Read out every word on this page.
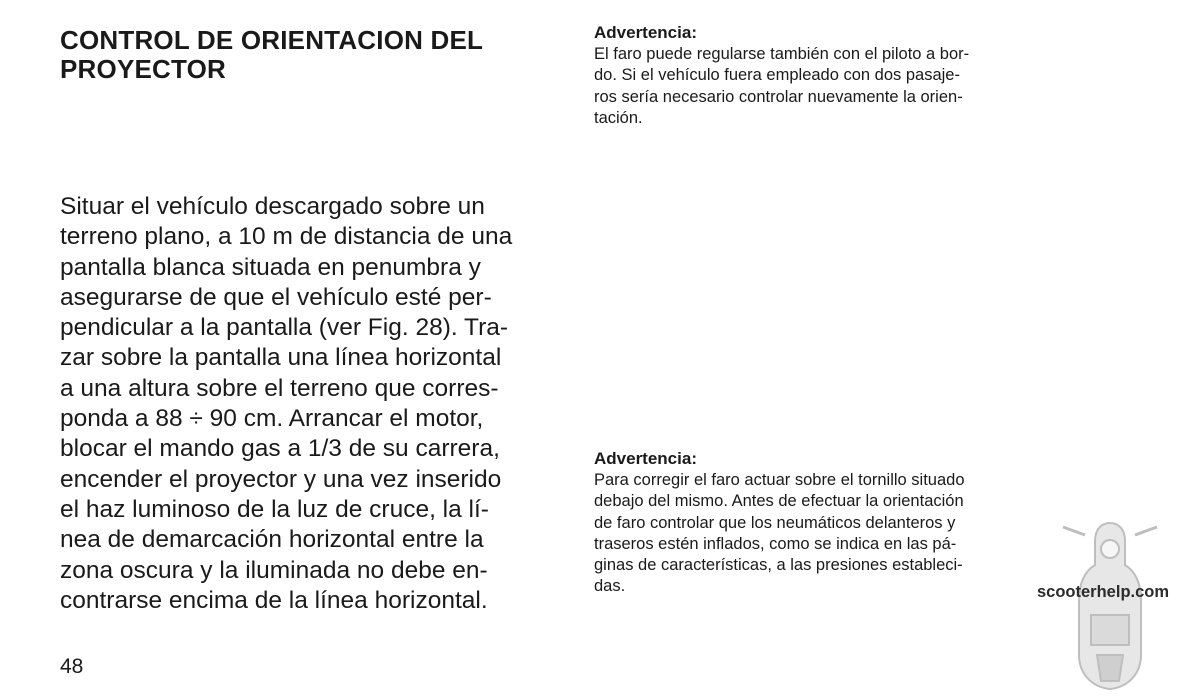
CONTROL DE ORIENTACION DEL
PROYECTOR

Situar el vehículo descargado sobre un
terreno plano, a 10 m de distancia de una
pantalla blanca situada en penumbra y
asegurarse de que el vehículo esté per-
pendicular a la pantalla (ver Fig. 28). Tra-
zar sobre la pantalla una línea horizontal
a una altura sobre el terreno que corres-
ponda a 88 ÷ 90 cm. Arrancar el motor,
blocar el mando gas a 1/3 de su carrera,
encender el proyector y una vez inserido
el haz luminoso de la luz de cruce, la lí-
nea de demarcación horizontal entre la
zona oscura y la iluminada no debe en-
contrarse encima de la línea horizontal.

Advertencia:

El faro puede regularse también con el piloto a bor-
do. Si el vehículo fuera empleado con dos pasaje-
ros sería necesario controlar nuevamente la orien-
tación.

Advertencia:

Para corregir el faro actuar sobre el tornillo situado
debajo del mismo. Antes de efectuar la orientación
de faro controlar que los neumáticos delanteros y
traseros estén inflados, como se indica en las pá-
ginas de características, a las presiones estableci-
das.	scooterhelp.com

48
